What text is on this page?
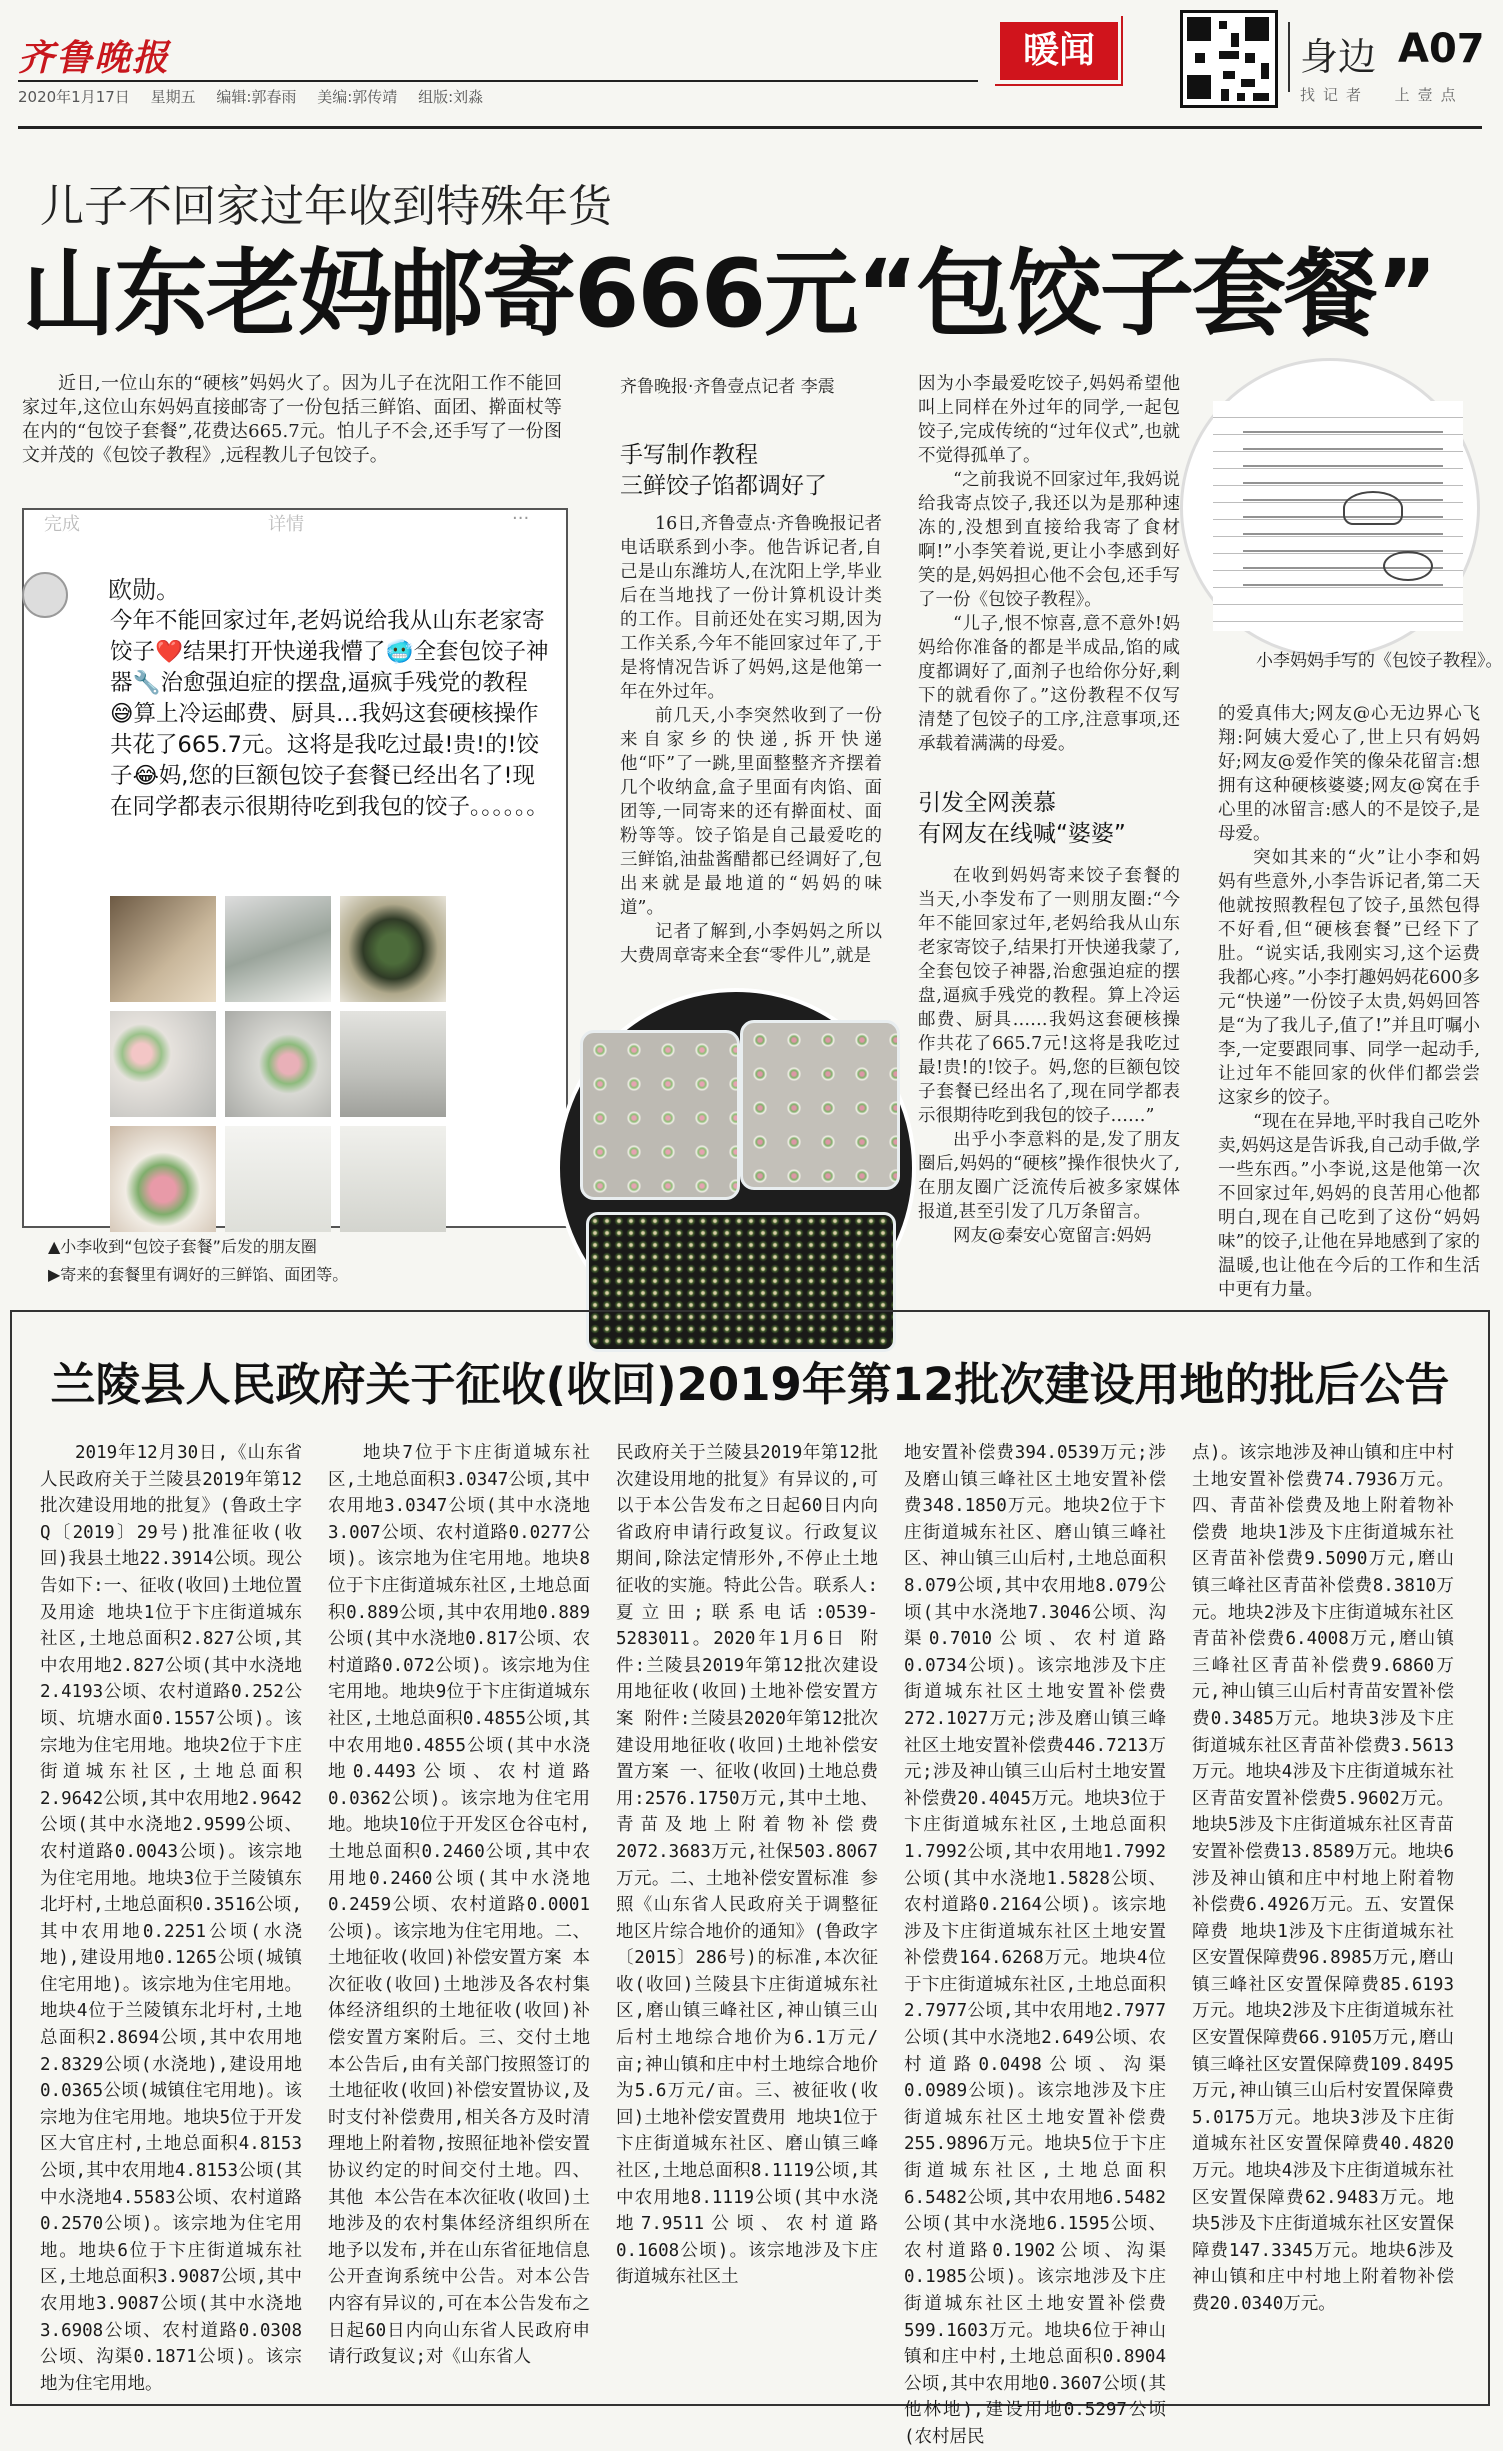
齐鲁晚报
2020年1月17日 星期五 编辑:郭春雨 美编:郭传靖 组版:刘淼
暖闻	身边 A07
找记者 上壹点
儿子不回家过年收到特殊年货
山东老妈邮寄666元“包饺子套餐”

近日,一位山东的“硬核”妈妈火了。因为儿子在沈阳工作不能回家过年,这位山东妈妈直接邮寄了一份包括三鲜馅、面团、擀面杖等在内的“包饺子套餐”,花费达665.7元。怕儿子不会,还手写了一份图文并茂的《包饺子教程》,远程教儿子包饺子。

完成	详情	···
欧勋。
今年不能回家过年,老妈说给我从山东老家寄饺子❤️结果打开快递我懵了🥶全套包饺子神器🔧治愈强迫症的摆盘,逼疯手残党的教程😅算上冷运邮费、厨具…我妈这套硬核操作共花了665.7元。这将是我吃过最!贵!的!饺子😂妈,您的巨额包饺子套餐已经出名了!现在同学都表示很期待吃到我包的饺子。。。。。。
▲小李收到“包饺子套餐”后发的朋友圈
▶寄来的套餐里有调好的三鲜馅、面团等。
齐鲁晚报·齐鲁壹点记者 李震
手写制作教程
三鲜饺子馅都调好了

16日,齐鲁壹点·齐鲁晚报记者电话联系到小李。他告诉记者,自己是山东潍坊人,在沈阳上学,毕业后在当地找了一份计算机设计类的工作。目前还处在实习期,因为工作关系,今年不能回家过年了,于是将情况告诉了妈妈,这是他第一年在外过年。

前几天,小李突然收到了一份来自家乡的快递,拆开快递他“吓”了一跳,里面整整齐齐摆着几个收纳盒,盒子里面有肉馅、面团等,一同寄来的还有擀面杖、面粉等等。饺子馅是自己最爱吃的三鲜馅,油盐酱醋都已经调好了,包出来就是最地道的“妈妈的味道”。

记者了解到,小李妈妈之所以大费周章寄来全套“零件儿”,就是

因为小李最爱吃饺子,妈妈希望他叫上同样在外过年的同学,一起包饺子,完成传统的“过年仪式”,也就不觉得孤单了。

“之前我说不回家过年,我妈说给我寄点饺子,我还以为是那种速冻的,没想到直接给我寄了食材啊!”小李笑着说,更让小李感到好笑的是,妈妈担心他不会包,还手写了一份《包饺子教程》。

“儿子,恨不惊喜,意不意外!妈妈给你准备的都是半成品,馅的咸度都调好了,面剂子也给你分好,剩下的就看你了。”这份教程不仅写清楚了包饺子的工序,注意事项,还承载着满满的母爱。

引发全网羡慕
有网友在线喊“婆婆”

在收到妈妈寄来饺子套餐的当天,小李发布了一则朋友圈:“今年不能回家过年,老妈给我从山东老家寄饺子,结果打开快递我蒙了,全套包饺子神器,治愈强迫症的摆盘,逼疯手残党的教程。算上冷运邮费、厨具……我妈这套硬核操作共花了665.7元!这将是我吃过最!贵!的!饺子。妈,您的巨额包饺子套餐已经出名了,现在同学都表示很期待吃到我包的饺子……”

出乎小李意料的是,发了朋友圈后,妈妈的“硬核”操作很快火了,在朋友圈广泛流传后被多家媒体报道,甚至引发了几万条留言。

网友@秦安心宽留言:妈妈

的爱真伟大;网友@心无边界心飞翔:阿姨大爱心了,世上只有妈妈好;网友@爱作笑的像朵花留言:想拥有这种硬核婆婆;网友@窝在手心里的冰留言:感人的不是饺子,是母爱。

突如其来的“火”让小李和妈妈有些意外,小李告诉记者,第二天他就按照教程包了饺子,虽然包得不好看,但“硬核套餐”已经下了肚。“说实话,我刚实习,这个运费我都心疼。”小李打趣妈妈花600多元“快递”一份饺子太贵,妈妈回答是“为了我儿子,值了!”并且叮嘱小李,一定要跟同事、同学一起动手,让过年不能回家的伙伴们都尝尝这家乡的饺子。

“现在在异地,平时我自己吃外卖,妈妈这是告诉我,自己动手做,学一些东西。”小李说,这是他第一次不回家过年,妈妈的良苦用心他都明白,现在自己吃到了这份“妈妈味”的饺子,让他在异地感到了家的温暖,也让他在今后的工作和生活中更有力量。

小李妈妈手写的《包饺子教程》。
兰陵县人民政府关于征收(收回)2019年第12批次建设用地的批后公告

2019年12月30日,《山东省人民政府关于兰陵县2019年第12批次建设用地的批复》(鲁政土字Q〔2019〕29号)批准征收(收回)我县土地22.3914公顷。现公告如下:一、征收(收回)土地位置及用途 地块1位于卞庄街道城东社区,土地总面积2.827公顷,其中农用地2.827公顷(其中水浇地2.4193公顷、农村道路0.252公顷、坑塘水面0.1557公顷)。该宗地为住宅用地。地块2位于卞庄街道城东社区,土地总面积2.9642公顷,其中农用地2.9642公顷(其中水浇地2.9599公顷、农村道路0.0043公顷)。该宗地为住宅用地。地块3位于兰陵镇东北圩村,土地总面积0.3516公顷,其中农用地0.2251公顷(水浇地),建设用地0.1265公顷(城镇住宅用地)。该宗地为住宅用地。地块4位于兰陵镇东北圩村,土地总面积2.8694公顷,其中农用地2.8329公顷(水浇地),建设用地0.0365公顷(城镇住宅用地)。该宗地为住宅用地。地块5位于开发区大官庄村,土地总面积4.8153公顷,其中农用地4.8153公顷(其中水浇地4.5583公顷、农村道路0.2570公顷)。该宗地为住宅用地。地块6位于卞庄街道城东社区,土地总面积3.9087公顷,其中农用地3.9087公顷(其中水浇地3.6908公顷、农村道路0.0308公顷、沟渠0.1871公顷)。该宗地为住宅用地。

地块7位于卞庄街道城东社区,土地总面积3.0347公顷,其中农用地3.0347公顷(其中水浇地3.007公顷、农村道路0.0277公顷)。该宗地为住宅用地。地块8位于卞庄街道城东社区,土地总面积0.889公顷,其中农用地0.889公顷(其中水浇地0.817公顷、农村道路0.072公顷)。该宗地为住宅用地。地块9位于卞庄街道城东社区,土地总面积0.4855公顷,其中农用地0.4855公顷(其中水浇地0.4493公顷、农村道路0.0362公顷)。该宗地为住宅用地。地块10位于开发区仓谷屯村,土地总面积0.2460公顷,其中农用地0.2460公顷(其中水浇地0.2459公顷、农村道路0.0001公顷)。该宗地为住宅用地。二、土地征收(收回)补偿安置方案 本次征收(收回)土地涉及各农村集体经济组织的土地征收(收回)补偿安置方案附后。三、交付土地 本公告后,由有关部门按照签订的土地征收(收回)补偿安置协议,及时支付补偿费用,相关各方及时清理地上附着物,按照征地补偿安置协议约定的时间交付土地。四、其他 本公告在本次征收(收回)土地涉及的农村集体经济组织所在地予以发布,并在山东省征地信息公开查询系统中公告。对本公告内容有异议的,可在本公告发布之日起60日内向山东省人民政府申请行政复议;对《山东省人

民政府关于兰陵县2019年第12批次建设用地的批复》有异议的,可以于本公告发布之日起60日内向省政府申请行政复议。行政复议期间,除法定情形外,不停止土地征收的实施。特此公告。联系人:夏立田;联系电话:0539-5283011。2020年1月6日 附件:兰陵县2019年第12批次建设用地征收(收回)土地补偿安置方案 附件:兰陵县2020年第12批次建设用地征收(收回)土地补偿安置方案 一、征收(收回)土地总费用:2576.1750万元,其中土地、青苗及地上附着物补偿费2072.3683万元,社保503.8067万元。二、土地补偿安置标准 参照《山东省人民政府关于调整征地区片综合地价的通知》(鲁政字〔2015〕286号)的标准,本次征收(收回)兰陵县卞庄街道城东社区,磨山镇三峰社区,神山镇三山后村土地综合地价为6.1万元/亩;神山镇和庄中村土地综合地价为5.6万元/亩。三、被征收(收回)土地补偿安置费用 地块1位于卞庄街道城东社区、磨山镇三峰社区,土地总面积8.1119公顷,其中农用地8.1119公顷(其中水浇地7.9511公顷、农村道路0.1608公顷)。该宗地涉及卞庄街道城东社区土

地安置补偿费394.0539万元;涉及磨山镇三峰社区土地安置补偿费348.1850万元。地块2位于卞庄街道城东社区、磨山镇三峰社区、神山镇三山后村,土地总面积8.079公顷,其中农用地8.079公顷(其中水浇地7.3046公顷、沟渠0.7010公顷、农村道路0.0734公顷)。该宗地涉及卞庄街道城东社区土地安置补偿费272.1027万元;涉及磨山镇三峰社区土地安置补偿费446.7213万元;涉及神山镇三山后村土地安置补偿费20.4045万元。地块3位于卞庄街道城东社区,土地总面积1.7992公顷,其中农用地1.7992公顷(其中水浇地1.5828公顷、农村道路0.2164公顷)。该宗地涉及卞庄街道城东社区土地安置补偿费164.6268万元。地块4位于卞庄街道城东社区,土地总面积2.7977公顷,其中农用地2.7977公顷(其中水浇地2.649公顷、农村道路0.0498公顷、沟渠0.0989公顷)。该宗地涉及卞庄街道城东社区土地安置补偿费255.9896万元。地块5位于卞庄街道城东社区,土地总面积6.5482公顷,其中农用地6.5482公顷(其中水浇地6.1595公顷、农村道路0.1902公顷、沟渠0.1985公顷)。该宗地涉及卞庄街道城东社区土地安置补偿费599.1603万元。地块6位于神山镇和庄中村,土地总面积0.8904公顷,其中农用地0.3607公顷(其他林地),建设用地0.5297公顷(农村居民

点)。该宗地涉及神山镇和庄中村土地安置补偿费74.7936万元。四、青苗补偿费及地上附着物补偿费 地块1涉及卞庄街道城东社区青苗补偿费9.5090万元,磨山镇三峰社区青苗补偿费8.3810万元。地块2涉及卞庄街道城东社区青苗补偿费6.4008万元,磨山镇三峰社区青苗补偿费9.6860万元,神山镇三山后村青苗安置补偿费0.3485万元。地块3涉及卞庄街道城东社区青苗补偿费3.5613万元。地块4涉及卞庄街道城东社区青苗安置补偿费5.9602万元。地块5涉及卞庄街道城东社区青苗安置补偿费13.8589万元。地块6涉及神山镇和庄中村地上附着物补偿费6.4926万元。五、安置保障费 地块1涉及卞庄街道城东社区安置保障费96.8985万元,磨山镇三峰社区安置保障费85.6193万元。地块2涉及卞庄街道城东社区安置保障费66.9105万元,磨山镇三峰社区安置保障费109.8495万元,神山镇三山后村安置保障费5.0175万元。地块3涉及卞庄街道城东社区安置保障费40.4820万元。地块4涉及卞庄街道城东社区安置保障费62.9483万元。地块5涉及卞庄街道城东社区安置保障费147.3345万元。地块6涉及神山镇和庄中村地上附着物补偿费20.0340万元。
